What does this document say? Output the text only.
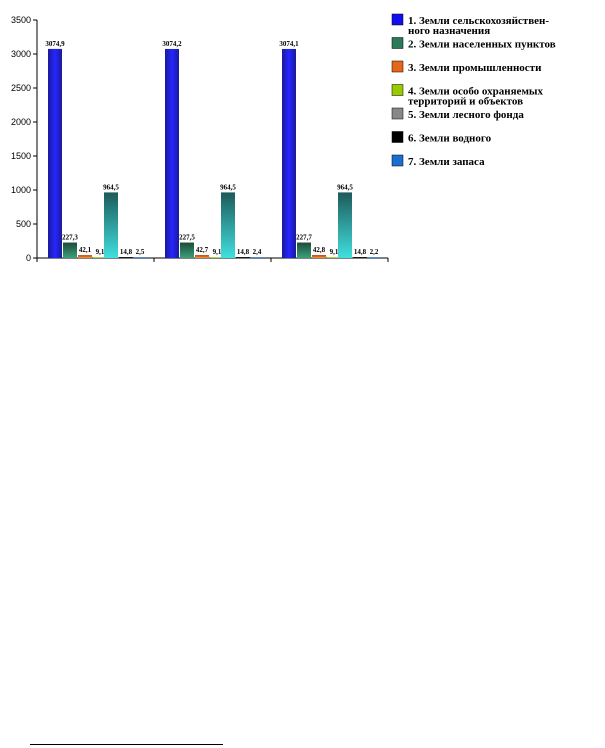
0
500
1000
1500
2000
2500
3000
3500
3074,9	3074,2	3074,1
227,3	227,5	227,7
42,1	42,7	42,8
9,1	9,1	9,1
964,5	964,5	964,5
14,8	14,8	14,8
2,5	2,4	2,2
1. Земли сельскохозяйствен-
ного назначения
2. Земли населенных пунктов
3. Земли промышленности
4. Земли особо охраняемых
территорий и объектов
5. Земли лесного фонда
6. Земли водного
7. Земли запаса
